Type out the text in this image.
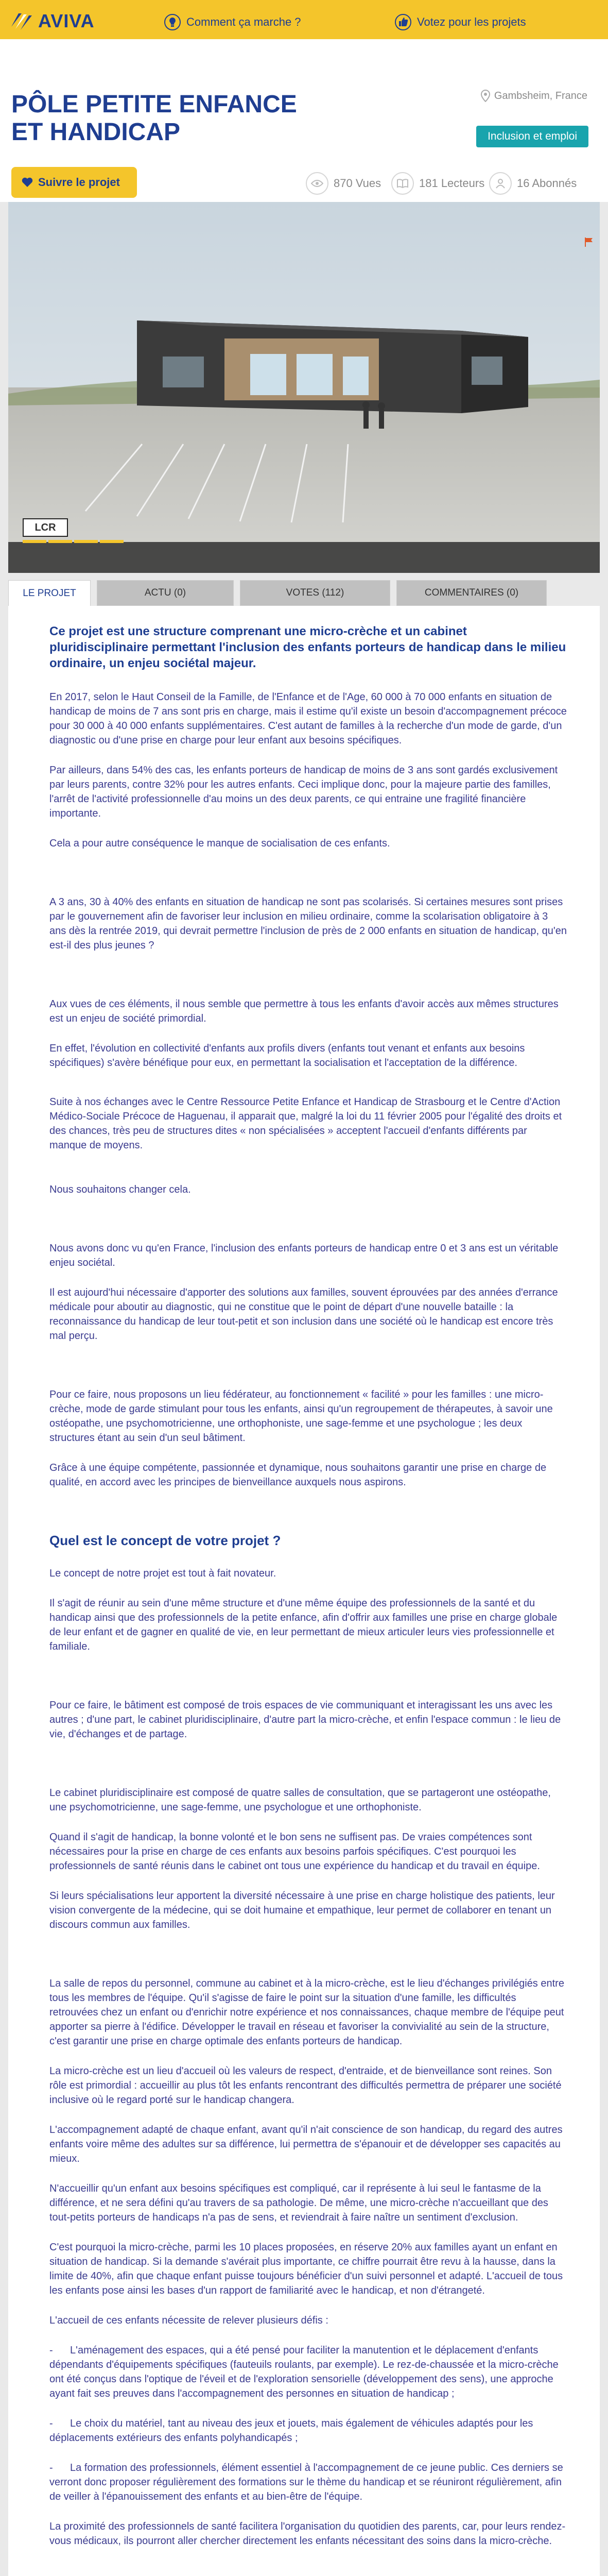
AVIVA	Comment ça marche ?	Votez pour les projets
PÔLE PETITE ENFANCE ET HANDICAP
Gambsheim, France
Inclusion et emploi
Suivre le projet	870 Vues	181 Lecteurs	16 Abonnés
LCR
LE PROJET	ACTU (0)	VOTES (112)	COMMENTAIRES (0)

Ce projet est une structure comprenant une micro-crèche et un cabinet pluridisciplinaire permettant l'inclusion des enfants porteurs de handicap dans le milieu ordinaire, un enjeu sociétal majeur.

En 2017, selon le Haut Conseil de la Famille, de l'Enfance et de l'Age, 60 000 à 70 000 enfants en situation de handicap de moins de 7 ans sont pris en charge, mais il estime qu'il existe un besoin d'accompagnement précoce pour 30 000 à 40 000 enfants supplémentaires. C'est autant de familles à la recherche d'un mode de garde, d'un diagnostic ou d'une prise en charge pour leur enfant aux besoins spécifiques.

Par ailleurs, dans 54% des cas, les enfants porteurs de handicap de moins de 3 ans sont gardés exclusivement par leurs parents, contre 32% pour les autres enfants. Ceci implique donc, pour la majeure partie des familles, l'arrêt de l'activité professionnelle d'au moins un des deux parents, ce qui entraine une fragilité financière importante.

Cela a pour autre conséquence le manque de socialisation de ces enfants.

A 3 ans, 30 à 40% des enfants en situation de handicap ne sont pas scolarisés. Si certaines mesures sont prises par le gouvernement afin de favoriser leur inclusion en milieu ordinaire, comme la scolarisation obligatoire à 3 ans dès la rentrée 2019, qui devrait permettre l'inclusion de près de 2 000 enfants en situation de handicap, qu'en est-il des plus jeunes ?

Aux vues de ces éléments, il nous semble que permettre à tous les enfants d'avoir accès aux mêmes structures est un enjeu de société primordial.

En effet, l'évolution en collectivité d'enfants aux profils divers (enfants tout venant et enfants aux besoins spécifiques) s'avère bénéfique pour eux, en permettant la socialisation et l'acceptation de la différence.

Suite à nos échanges avec le Centre Ressource Petite Enfance et Handicap de Strasbourg et le Centre d'Action Médico-Sociale Précoce de Haguenau, il apparait que, malgré la loi du 11 février 2005 pour l'égalité des droits et des chances, très peu de structures dites « non spécialisées » acceptent l'accueil d'enfants différents par manque de moyens.

Nous souhaitons changer cela.

Nous avons donc vu qu'en France, l'inclusion des enfants porteurs de handicap entre 0 et 3 ans est un véritable enjeu sociétal.

Il est aujourd'hui nécessaire d'apporter des solutions aux familles, souvent éprouvées par des années d'errance médicale pour aboutir au diagnostic, qui ne constitue que le point de départ d'une nouvelle bataille : la reconnaissance du handicap de leur tout-petit et son inclusion dans une société où le handicap est encore très mal perçu.

Pour ce faire, nous proposons un lieu fédérateur, au fonctionnement « facilité » pour les familles : une micro-crèche, mode de garde stimulant pour tous les enfants, ainsi qu'un regroupement de thérapeutes, à savoir une ostéopathe, une psychomotricienne, une orthophoniste, une sage-femme et une psychologue ; les deux structures étant au sein d'un seul bâtiment.

Grâce à une équipe compétente, passionnée et dynamique, nous souhaitons garantir une prise en charge de qualité, en accord avec les principes de bienveillance auxquels nous aspirons.

Quel est le concept de votre projet ?

Le concept de notre projet est tout à fait novateur.

Il s'agit de réunir au sein d'une même structure et d'une même équipe des professionnels de la santé et du handicap ainsi que des professionnels de la petite enfance, afin d'offrir aux familles une prise en charge globale de leur enfant et de gagner en qualité de vie, en leur permettant de mieux articuler leurs vies professionnelle et familiale.

Pour ce faire, le bâtiment est composé de trois espaces de vie communiquant et interagissant les uns avec les autres ; d'une part, le cabinet pluridisciplinaire, d'autre part la micro-crèche, et enfin l'espace commun : le lieu de vie, d'échanges et de partage.

Le cabinet pluridisciplinaire est composé de quatre salles de consultation, que se partageront une ostéopathe, une psychomotricienne, une sage-femme, une psychologue et une orthophoniste.

Quand il s'agit de handicap, la bonne volonté et le bon sens ne suffisent pas. De vraies compétences sont nécessaires pour la prise en charge de ces enfants aux besoins parfois spécifiques. C'est pourquoi les professionnels de santé réunis dans le cabinet ont tous une expérience du handicap et du travail en équipe.

Si leurs spécialisations leur apportent la diversité nécessaire à une prise en charge holistique des patients, leur vision convergente de la médecine, qui se doit humaine et empathique, leur permet de collaborer en tenant un discours commun aux familles.

La salle de repos du personnel, commune au cabinet et à la micro-crèche, est le lieu d'échanges privilégiés entre tous les membres de l'équipe. Qu'il s'agisse de faire le point sur la situation d'une famille, les difficultés retrouvées chez un enfant ou d'enrichir notre expérience et nos connaissances, chaque membre de l'équipe peut apporter sa pierre à l'édifice. Développer le travail en réseau et favoriser la convivialité au sein de la structure, c'est garantir une prise en charge optimale des enfants porteurs de handicap.

La micro-crèche est un lieu d'accueil où les valeurs de respect, d'entraide, et de bienveillance sont reines. Son rôle est primordial : accueillir au plus tôt les enfants rencontrant des difficultés permettra de préparer une société inclusive où le regard porté sur le handicap changera.

L'accompagnement adapté de chaque enfant, avant qu'il n'ait conscience de son handicap, du regard des autres enfants voire même des adultes sur sa différence, lui permettra de s'épanouir et de développer ses capacités au mieux.

N'accueillir qu'un enfant aux besoins spécifiques est compliqué, car il représente à lui seul le fantasme de la différence, et ne sera défini qu'au travers de sa pathologie. De même, une micro-crèche n'accueillant que des tout-petits porteurs de handicaps n'a pas de sens, et reviendrait à faire naître un sentiment d'exclusion.

C'est pourquoi la micro-crèche, parmi les 10 places proposées, en réserve 20% aux familles ayant un enfant en situation de handicap. Si la demande s'avérait plus importante, ce chiffre pourrait être revu à la hausse, dans la limite de 40%, afin que chaque enfant puisse toujours bénéficier d'un suivi personnel et adapté. L'accueil de tous les enfants pose ainsi les bases d'un rapport de familiarité avec le handicap, et non d'étrangeté.

L'accueil de ces enfants nécessite de relever plusieurs défis :

-      L'aménagement des espaces, qui a été pensé pour faciliter la manutention et le déplacement d'enfants dépendants d'équipements spécifiques (fauteuils roulants, par exemple). Le rez-de-chaussée et la micro-crèche ont été conçus dans l'optique de l'éveil et de l'exploration sensorielle (développement des sens), une approche ayant fait ses preuves dans l'accompagnement des personnes en situation de handicap ;

-      Le choix du matériel, tant au niveau des jeux et jouets, mais également de véhicules adaptés pour les déplacements extérieurs des enfants polyhandicapés ;

-      La formation des professionnels, élément essentiel à l'accompagnement de ce jeune public. Ces derniers se verront donc proposer régulièrement des formations sur le thème du handicap et se réuniront régulièrement, afin de veiller à l'épanouissement des enfants et au bien-être de l'équipe.

La proximité des professionnels de santé facilitera l'organisation du quotidien des parents, car, pour leurs rendez-vous médicaux, ils pourront aller chercher directement les enfants nécessitant des soins dans la micro-crèche.
